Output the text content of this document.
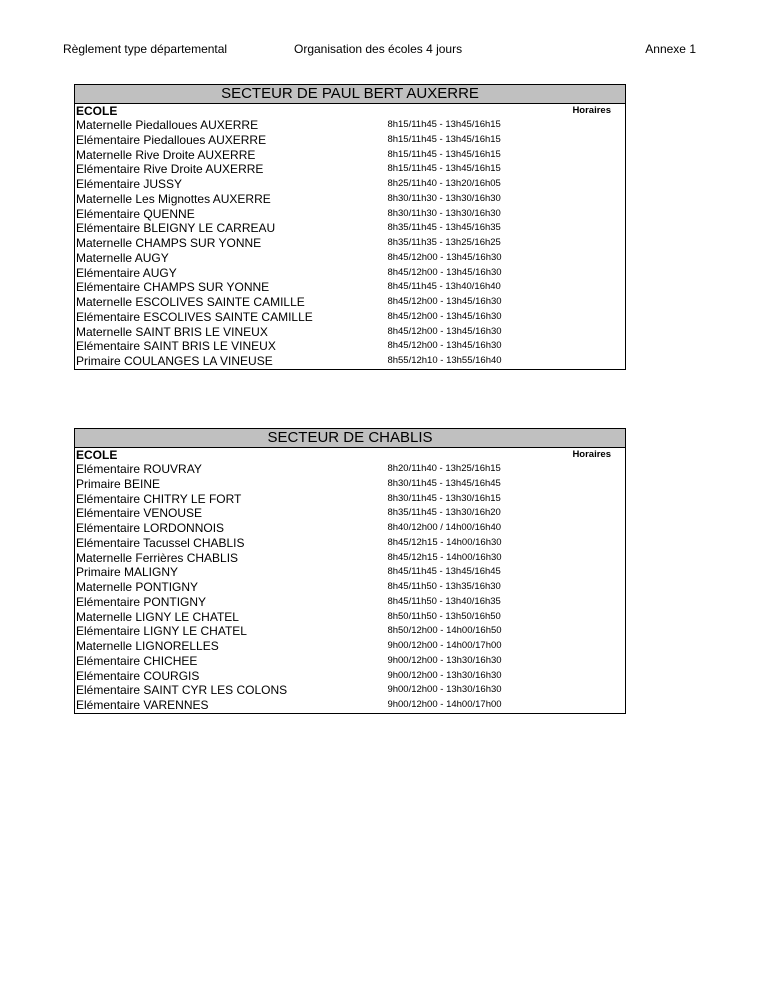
Règlement type départemental	Organisation des écoles 4 jours	Annexe 1
SECTEUR DE PAUL BERT AUXERRE
ECOLE	Horaires
Maternelle Piedalloues AUXERRE	8h15/11h45 - 13h45/16h15
Elémentaire Piedalloues AUXERRE	8h15/11h45 - 13h45/16h15
Maternelle Rive Droite AUXERRE	8h15/11h45 - 13h45/16h15
Elémentaire Rive Droite AUXERRE	8h15/11h45 - 13h45/16h15
Elémentaire JUSSY	8h25/11h40 - 13h20/16h05
Maternelle Les Mignottes AUXERRE	8h30/11h30 - 13h30/16h30
Elémentaire QUENNE	8h30/11h30 - 13h30/16h30
Elémentaire BLEIGNY LE CARREAU	8h35/11h45 - 13h45/16h35
Maternelle CHAMPS SUR YONNE	8h35/11h35 - 13h25/16h25
Maternelle AUGY	8h45/12h00 - 13h45/16h30
Elémentaire AUGY	8h45/12h00 - 13h45/16h30
Elémentaire CHAMPS SUR YONNE	8h45/11h45 - 13h40/16h40
Maternelle ESCOLIVES SAINTE CAMILLE	8h45/12h00 - 13h45/16h30
Elémentaire ESCOLIVES SAINTE CAMILLE	8h45/12h00 - 13h45/16h30
Maternelle SAINT BRIS LE VINEUX	8h45/12h00 - 13h45/16h30
Elémentaire SAINT BRIS LE VINEUX	8h45/12h00 - 13h45/16h30
Primaire COULANGES LA VINEUSE	8h55/12h10 - 13h55/16h40
SECTEUR DE CHABLIS
ECOLE	Horaires
Elémentaire ROUVRAY	8h20/11h40 - 13h25/16h15
Primaire BEINE	8h30/11h45 - 13h45/16h45
Elémentaire CHITRY LE FORT	8h30/11h45 - 13h30/16h15
Elémentaire VENOUSE	8h35/11h45 - 13h30/16h20
Elémentaire LORDONNOIS	8h40/12h00 / 14h00/16h40
Elémentaire Tacussel CHABLIS	8h45/12h15 - 14h00/16h30
Maternelle Ferrières CHABLIS	8h45/12h15 - 14h00/16h30
Primaire MALIGNY	8h45/11h45 - 13h45/16h45
Maternelle PONTIGNY	8h45/11h50 - 13h35/16h30
Elémentaire PONTIGNY	8h45/11h50 - 13h40/16h35
Maternelle LIGNY LE CHATEL	8h50/11h50 - 13h50/16h50
Elémentaire LIGNY LE CHATEL	8h50/12h00 - 14h00/16h50
Maternelle LIGNORELLES	9h00/12h00 - 14h00/17h00
Elémentaire CHICHEE	9h00/12h00 - 13h30/16h30
Elémentaire COURGIS	9h00/12h00 - 13h30/16h30
Elémentaire SAINT CYR LES COLONS	9h00/12h00 - 13h30/16h30
Elémentaire VARENNES	9h00/12h00 - 14h00/17h00
